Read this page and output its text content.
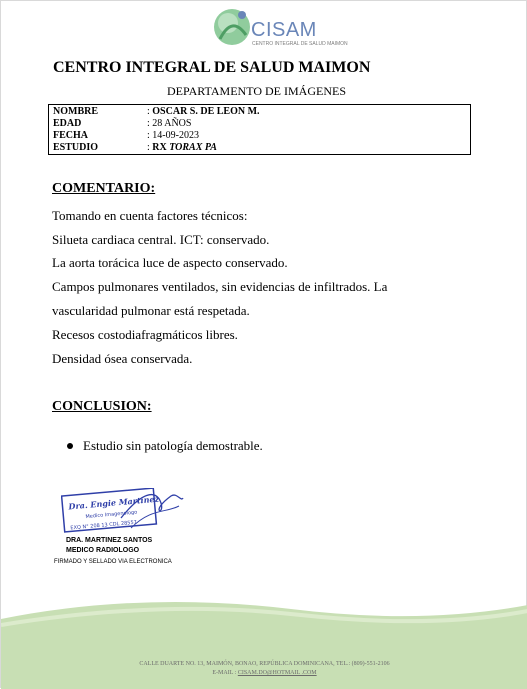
CISAM
CENTRO INTEGRAL DE SALUD MAIMON
CENTRO INTEGRAL DE SALUD MAIMON
DEPARTAMENTO DE IMÁGENES
NOMBRE	: OSCAR S. DE LEON M.
EDAD	: 28 AÑOS
FECHA	: 14-09-2023
ESTUDIO	: RX TORAX PA
COMENTARIO:
Tomando en cuenta factores técnicos:
Silueta cardiaca central. ICT: conservado.
La aorta torácica luce de aspecto conservado.
Campos pulmonares ventilados, sin evidencias de infiltrados. La
vascularidad pulmonar está respetada.
Recesos costodiafragmáticos libres.
Densidad ósea conservada.
CONCLUSION:
Estudio sin patología demostrable.
Dra. Engie Martinez
Medico Imagenologo
EXQ N° 208 13 CDL 28557
DRA. MARTINEZ SANTOS
MEDICO RADIOLOGO
FIRMADO Y SELLADO VIA ELECTRONICA
CALLE DUARTE NO. 13, MAIMÓN, BONAO, REPÚBLICA DOMINICANA, TEL.: (809)-551-2106
E-MAIL : CISAM.DO@HOTMAIL .COM
